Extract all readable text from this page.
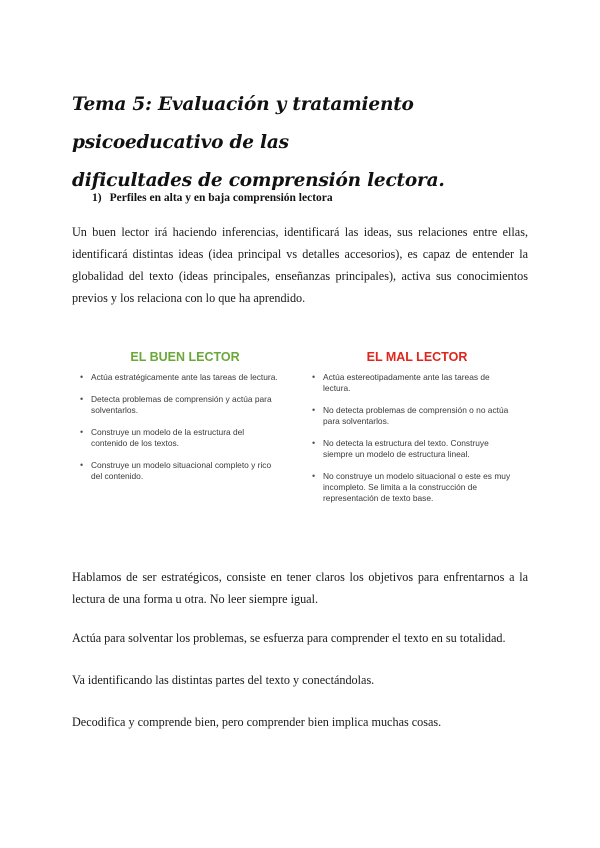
Tema 5: Evaluación y tratamiento psicoeducativo de las
dificultades de comprensión lectora.
1) Perfiles en alta y en baja comprensión lectora

Un buen lector irá haciendo inferencias, identificará las ideas, sus relaciones entre ellas, identificará distintas ideas (idea principal vs detalles accesorios), es capaz de entender la globalidad del texto (ideas principales, enseñanzas principales), activa sus conocimientos previos y los relaciona con lo que ha aprendido.

EL BUEN LECTOR
• Actúa estratégicamente ante las tareas de lectura.
• Detecta problemas de comprensión y actúa para solventarlos.
• Construye un modelo de la estructura del contenido de los textos.
• Construye un modelo situacional completo y rico del contenido.
EL MAL LECTOR
• Actúa estereotipadamente ante las tareas de lectura.
• No detecta problemas de comprensión o no actúa para solventarlos.
• No detecta la estructura del texto. Construye siempre un modelo de estructura lineal.
• No construye un modelo situacional o este es muy incompleto. Se limita a la construcción de representación de texto base.

Hablamos de ser estratégicos, consiste en tener claros los objetivos para enfrentarnos a la lectura de una forma u otra. No leer siempre igual.

Actúa para solventar los problemas, se esfuerza para comprender el texto en su totalidad.

Va identificando las distintas partes del texto y conectándolas.

Decodifica y comprende bien, pero comprender bien implica muchas cosas.
